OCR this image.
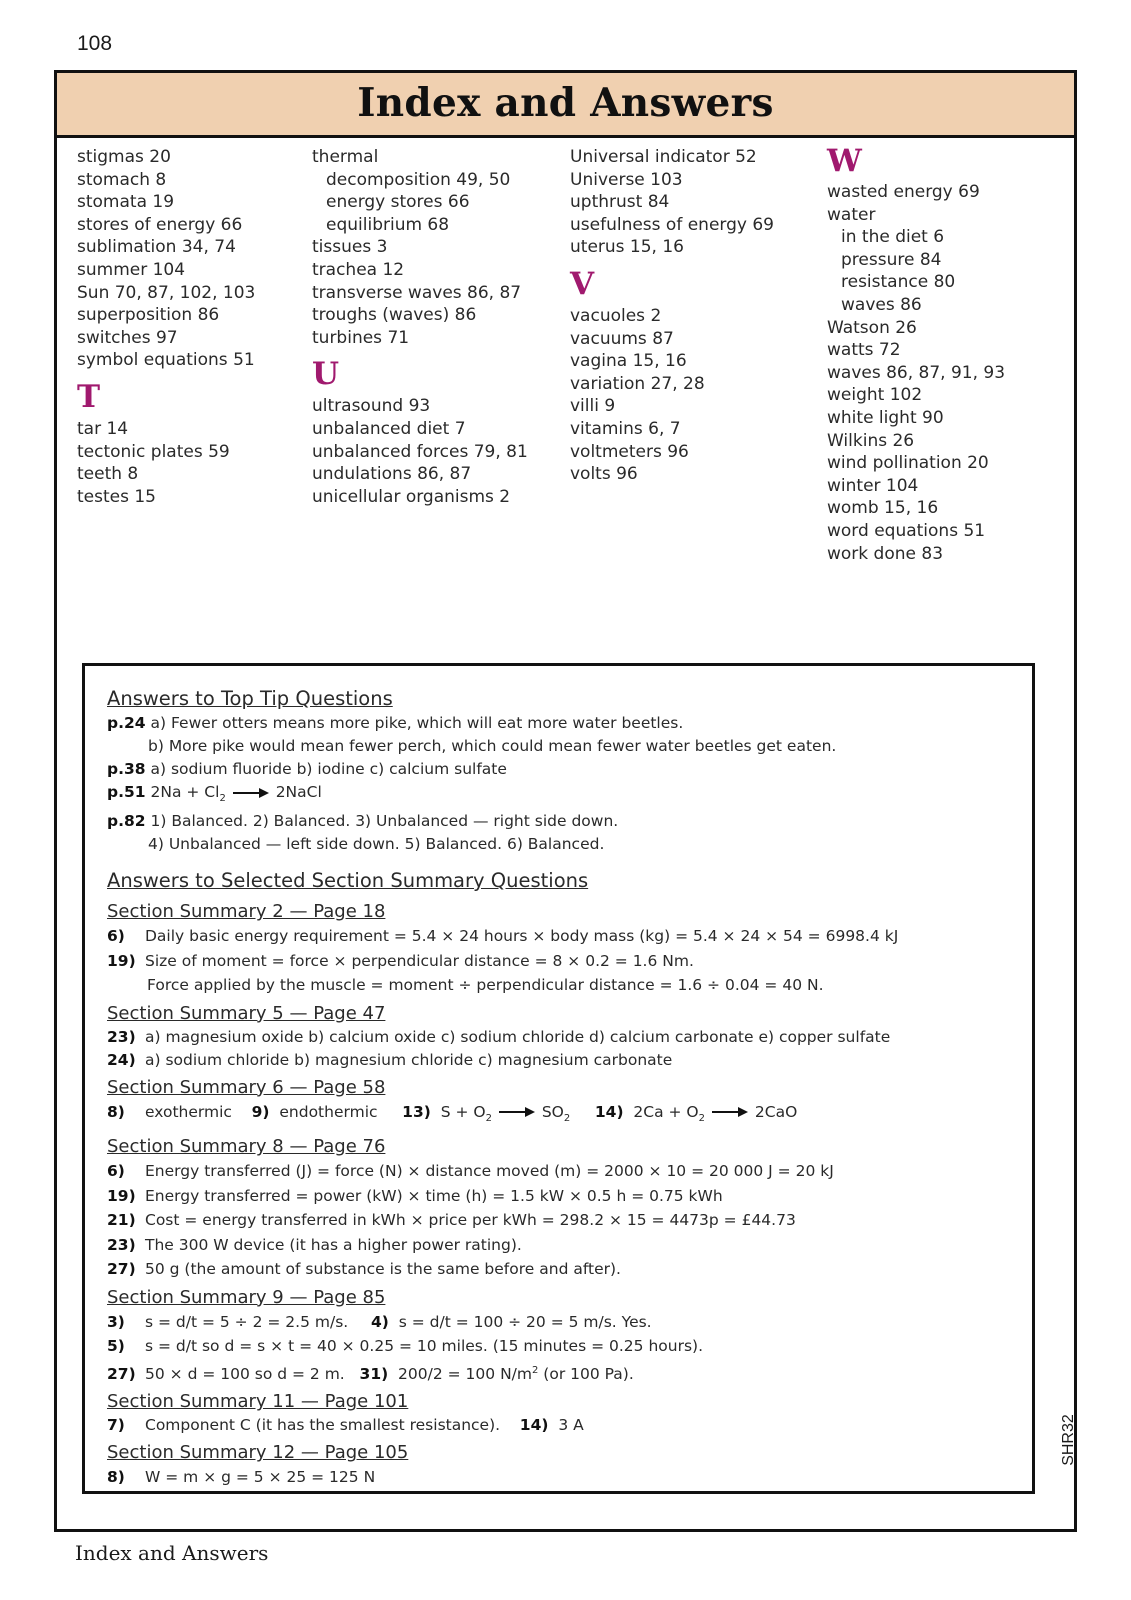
108
Index and Answers
stigmas 20
stomach 8
stomata 19
stores of energy 66
sublimation 34, 74
summer 104
Sun 70, 87, 102, 103
superposition 86
switches 97
symbol equations 51
T
tar 14
tectonic plates 59
teeth 8
testes 15
thermal
decomposition 49, 50
energy stores 66
equilibrium 68
tissues 3
trachea 12
transverse waves 86, 87
troughs (waves) 86
turbines 71
U
ultrasound 93
unbalanced diet 7
unbalanced forces 79, 81
undulations 86, 87
unicellular organisms 2
Universal indicator 52
Universe 103
upthrust 84
usefulness of energy 69
uterus 15, 16
V
vacuoles 2
vacuums 87
vagina 15, 16
variation 27, 28
villi 9
vitamins 6, 7
voltmeters 96
volts 96
W
wasted energy 69
water
in the diet 6
pressure 84
resistance 80
waves 86
Watson 26
watts 72
waves 86, 87, 91, 93
weight 102
white light 90
Wilkins 26
wind pollination 20
winter 104
womb 15, 16
word equations 51
work done 83
Answers to Top Tip Questions
p.24 a) Fewer otters means more pike, which will eat more water beetles.
b) More pike would mean fewer perch, which could mean fewer water beetles get eaten.
p.38 a) sodium fluoride b) iodine c) calcium sulfate
p.51 $2Na + Cl_2$ → 2NaCl
p.82 1) Balanced. 2) Balanced. 3) Unbalanced — right side down.
4) Unbalanced — left side down. 5) Balanced. 6) Balanced.
Answers to Selected Section Summary Questions
Section Summary 2 — Page 18
6) Daily basic energy requirement = 5.4 × 24 hours × body mass (kg) = 5.4 × 24 × 54 = 6998.4 kJ
19) Size of moment = force × perpendicular distance = 8 × 0.2 = 1.6 Nm.
Force applied by the muscle = moment ÷ perpendicular distance = 1.6 ÷ 0.04 = 40 N.
Section Summary 5 — Page 47
23) a) magnesium oxide b) calcium oxide c) sodium chloride d) calcium carbonate e) copper sulfate
24) a) sodium chloride b) magnesium chloride c) magnesium carbonate
Section Summary 6 — Page 58
8) exothermic 9) endothermic 13) $S + O_2 \to SO_2$ 14) $2Ca + O_2 \to 2CaO$
Section Summary 8 — Page 76
6) Energy transferred (J) = force (N) × distance moved (m) = 2000 × 10 = 20 000 J = 20 kJ
19) Energy transferred = power (kW) × time (h) = 1.5 kW × 0.5 h = 0.75 kWh
21) Cost = energy transferred in kWh × price per kWh = 298.2 × 15 = 4473p = £44.73
23) The 300 W device (it has a higher power rating).
27) 50 g (the amount of substance is the same before and after).
Section Summary 9 — Page 85
3) s = d/t = 5 ÷ 2 = 2.5 m/s. 4) s = d/t = 100 ÷ 20 = 5 m/s. Yes.
5) s = d/t so d = s × t = 40 × 0.25 = 10 miles. (15 minutes = 0.25 hours).
27) 50 × d = 100 so d = 2 m. 31) 200/2 = 100 $N/m^2$ (or 100 Pa).
Section Summary 11 — Page 101
7) Component C (it has the smallest resistance). 14) 3 A
Section Summary 12 — Page 105
8) W = m × g = 5 × 25 = 125 N
SHR32
Index and Answers
